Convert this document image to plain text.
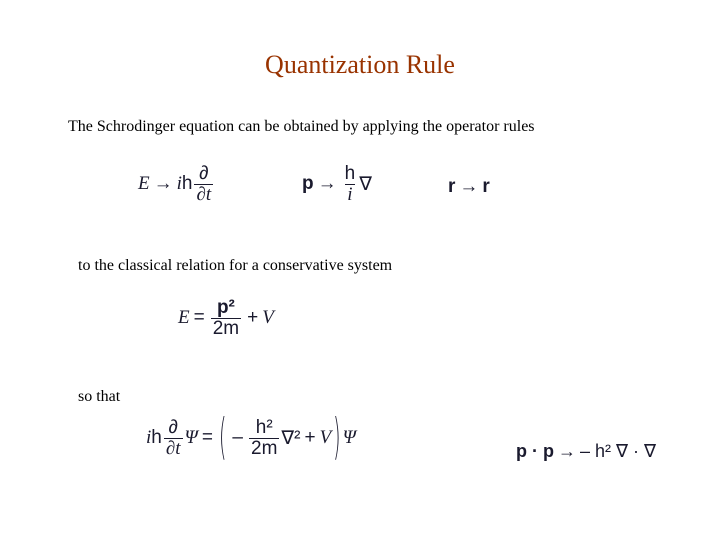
Quantization Rule
The Schrodinger equation can be obtained by applying the operator rules
E → i h $\frac{\partial}{\partial t}$	$p \to \frac{h}{i}$ ∇	r → r
to the classical relation for a conservative system
$E = \frac{\text{p²}}{2m} + V$
so that
i h $\frac{\partial}{\partial t}$ Ψ = ( – $\frac{\text{h²}}{2m} \nabla^2 + V$ ) Ψ
p · p → – h² ∇ · ∇
